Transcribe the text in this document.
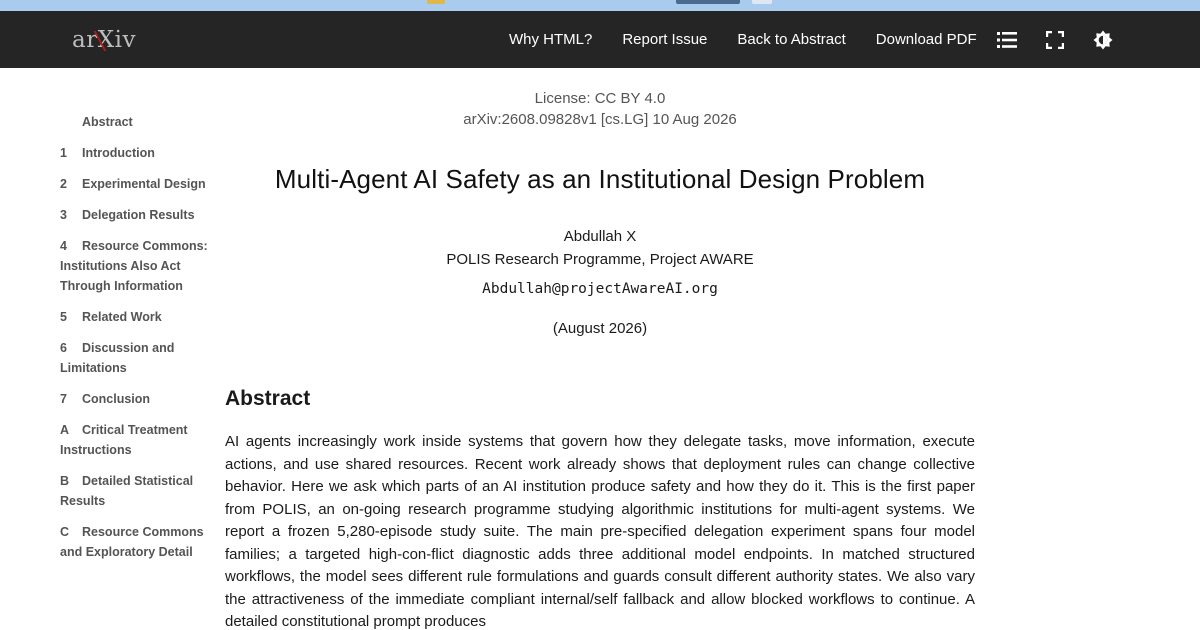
ar X iv	Why HTML?	Report Issue	Back to Abstract	Download PDF
Abstract
1 Introduction
2 Experimental Design
3 Delegation Results
4 Resource Commons: Institutions Also Act Through Information
5 Related Work
6 Discussion and Limitations
7 Conclusion
A Critical Treatment Instructions
B Detailed Statistical Results
C Resource Commons and Exploratory Detail
License: CC BY 4.0
arXiv:2608.09828v1 [cs.LG] 10 Aug 2026
Multi-Agent AI Safety as an Institutional Design Problem
Abdullah X
POLIS Research Programme, Project AWARE
Abdullah@projectAwareAI.org
(August 2026)
Abstract

AI agents increasingly work inside systems that govern how they delegate tasks, move information, execute actions, and use shared resources. Recent work already shows that deployment rules can change collective behavior. Here we ask which parts of an AI institution produce safety and how they do it. This is the first paper from POLIS, an on-going research programme studying algorithmic institutions for multi-agent systems. We report a frozen 5,280-episode study suite. The main pre-specified delegation experiment spans four model families; a targeted high-con-flict diagnostic adds three additional model endpoints. In matched structured workflows, the model sees different rule formulations and guards consult different authority states. We also vary the attractiveness of the immediate compliant internal/self fallback and allow blocked workflows to continue. A detailed constitutional prompt produces
